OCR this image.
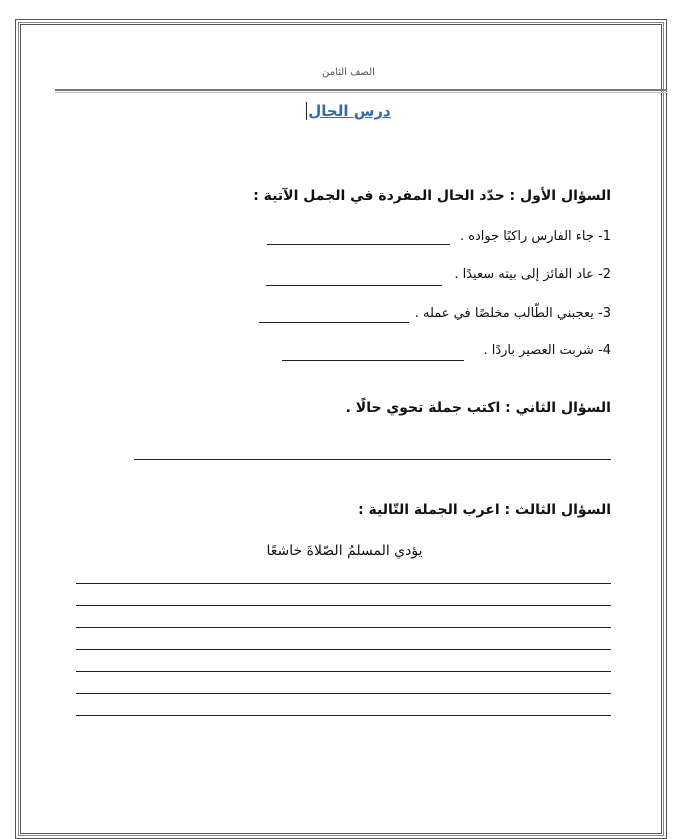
الصف الثامن
درس الحال
السؤال الأول : حدّد الحال المفردة في الجمل الآتية :
1- جاء الفارس راكبًا جواده .
2- عاد الفائز إلى بيته سعيدًا .
3- يعجبني الطّالب مخلصًا في عمله .
4- شربت العصير باردًا .
السؤال الثاني : اكتب جملة تحوي حالًا .
السؤال الثالث : اعرب الجملة التّالية :
يؤدي المسلمُ الصّلاةَ خاشعًا
